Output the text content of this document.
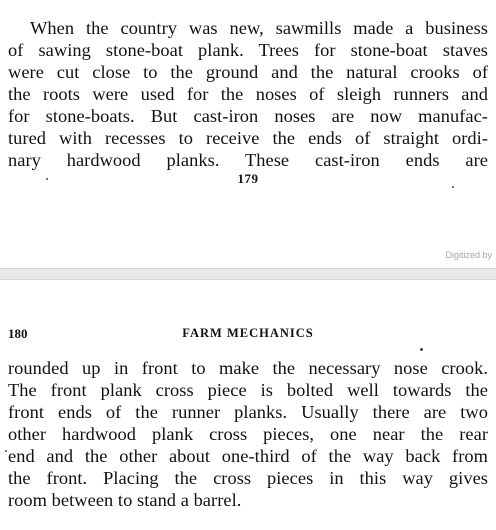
When the country was new, sawmills made a business
of sawing stone-boat plank. Trees for stone-boat staves
were cut close to the ground and the natural crooks of
the roots were used for the noses of sleigh runners and
for stone-boats. But cast-iron noses are now manufac-
tured with recesses to receive the ends of straight ordi-
nary hardwood planks. These cast-iron ends are
179
Digitized by
180	FARM MECHANICS
rounded up in front to make the necessary nose crook.
The front plank cross piece is bolted well towards the
front ends of the runner planks. Usually there are two
other hardwood plank cross pieces, one near the rear
end and the other about one-third of the way back from
the front. Placing the cross pieces in this way gives
room between to stand a barrel.
